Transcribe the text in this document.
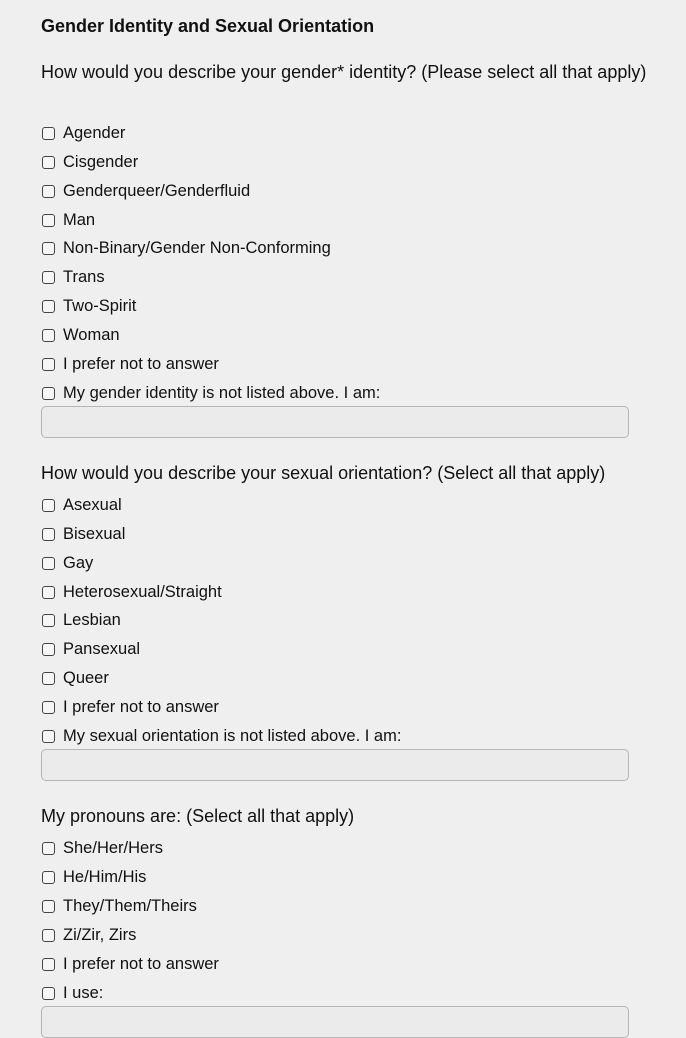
Gender Identity and Sexual Orientation

How would you describe your gender* identity? (Please select all that apply)

Agender
Cisgender
Genderqueer/Genderfluid
Man
Non-Binary/Gender Non-Conforming
Trans
Two-Spirit
Woman
I prefer not to answer
My gender identity is not listed above. I am:

How would you describe your sexual orientation? (Select all that apply)

Asexual
Bisexual
Gay
Heterosexual/Straight
Lesbian
Pansexual
Queer
I prefer not to answer
My sexual orientation is not listed above. I am:

My pronouns are: (Select all that apply)

She/Her/Hers
He/Him/His
They/Them/Theirs
Zi/Zir, Zirs
I prefer not to answer
I use:
